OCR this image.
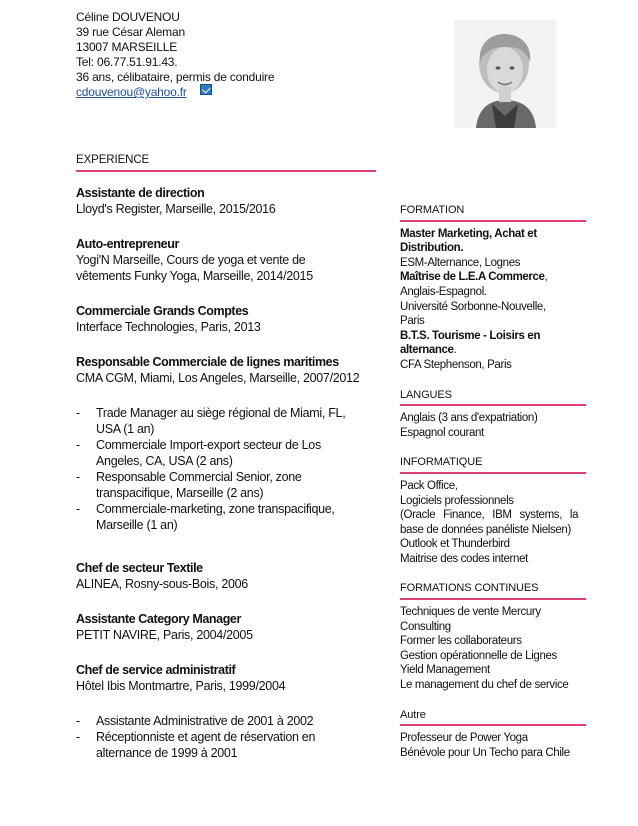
Céline DOUVENOU
39 rue César Aleman
13007 MARSEILLE
Tel: 06.77.51.91.43.
36 ans, célibataire, permis de conduire
cdouvenou@yahoo.fr
EXPERIENCE
Assistante de direction
Lloyd's Register, Marseille, 2015/2016
Auto-entrepreneur
Yogi'N Marseille, Cours de yoga et vente de
vêtements Funky Yoga, Marseille, 2014/2015
Commerciale Grands Comptes
Interface Technologies, Paris, 2013
Responsable Commerciale de lignes maritimes
CMA CGM, Miami, Los Angeles, Marseille, 2007/2012
- Trade Manager au siège régional de Miami, FL,
USA (1 an)
- Commerciale Import-export secteur de Los
Angeles, CA, USA (2 ans)
- Responsable Commercial Senior, zone
transpacifique, Marseille (2 ans)
- Commerciale-marketing, zone transpacifique,
Marseille (1 an)
Chef de secteur Textile
ALINEA, Rosny-sous-Bois, 2006
Assistante Category Manager
PETIT NAVIRE, Paris, 2004/2005
Chef de service administratif
Hôtel Ibis Montmartre, Paris, 1999/2004
- Assistante Administrative de 2001 à 2002
- Réceptionniste et agent de réservation en
alternance de 1999 à 2001
FORMATION
Master Marketing, Achat et
Distribution.
ESM-Alternance, Lognes
Maîtrise de L.E.A Commerce,
Anglais-Espagnol.
Université Sorbonne-Nouvelle,
Paris
B.T.S. Tourisme - Loisirs en
alternance.
CFA Stephenson, Paris
LANGUES
Anglais (3 ans d'expatriation)
Espagnol courant
INFORMATIQUE
Pack Office,
Logiciels professionnels
(Oracle Finance, IBM systems, la
base de données panéliste Nielsen)
Outlook et Thunderbird
Maitrise des codes internet
FORMATIONS CONTINUES
Techniques de vente Mercury
Consulting
Former les collaborateurs
Gestion opérationnelle de Lignes
Yield Management
Le management du chef de service
Autre
Professeur de Power Yoga
Bénévole pour Un Techo para Chile
